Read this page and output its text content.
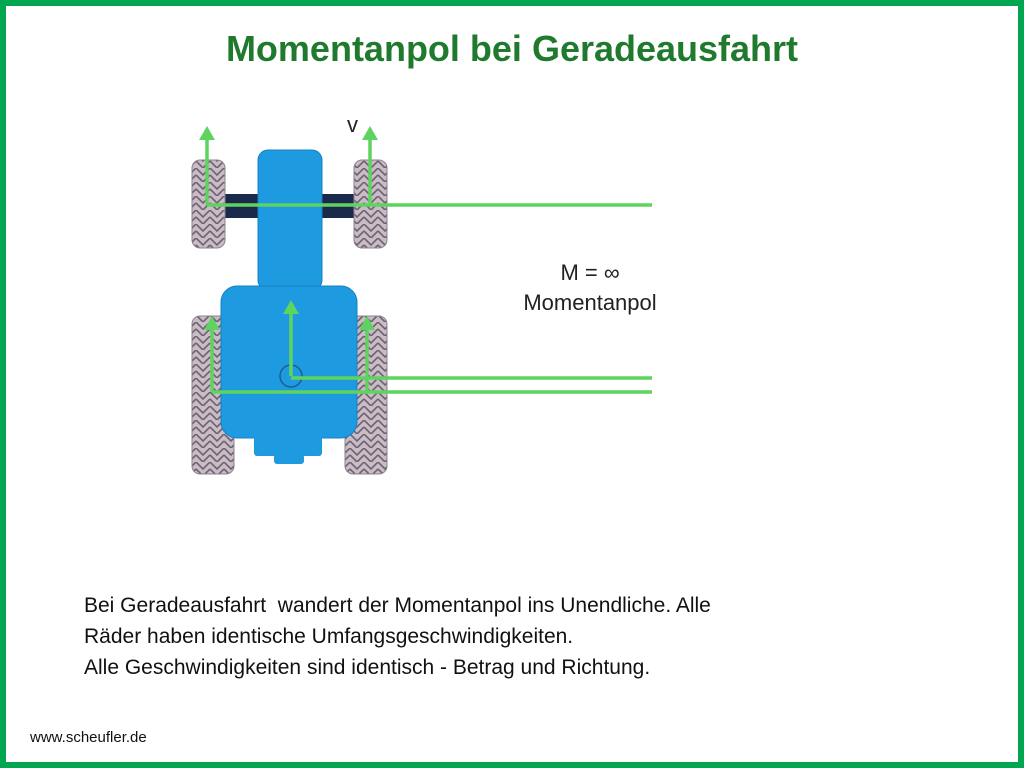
Momentanpol bei Geradeausfahrt
v
M = ∞
Momentanpol
Bei Geradeausfahrt  wandert der Momentanpol ins Unendliche. Alle
Räder haben identische Umfangsgeschwindigkeiten.
Alle Geschwindigkeiten sind identisch - Betrag und Richtung.
www.scheufler.de
